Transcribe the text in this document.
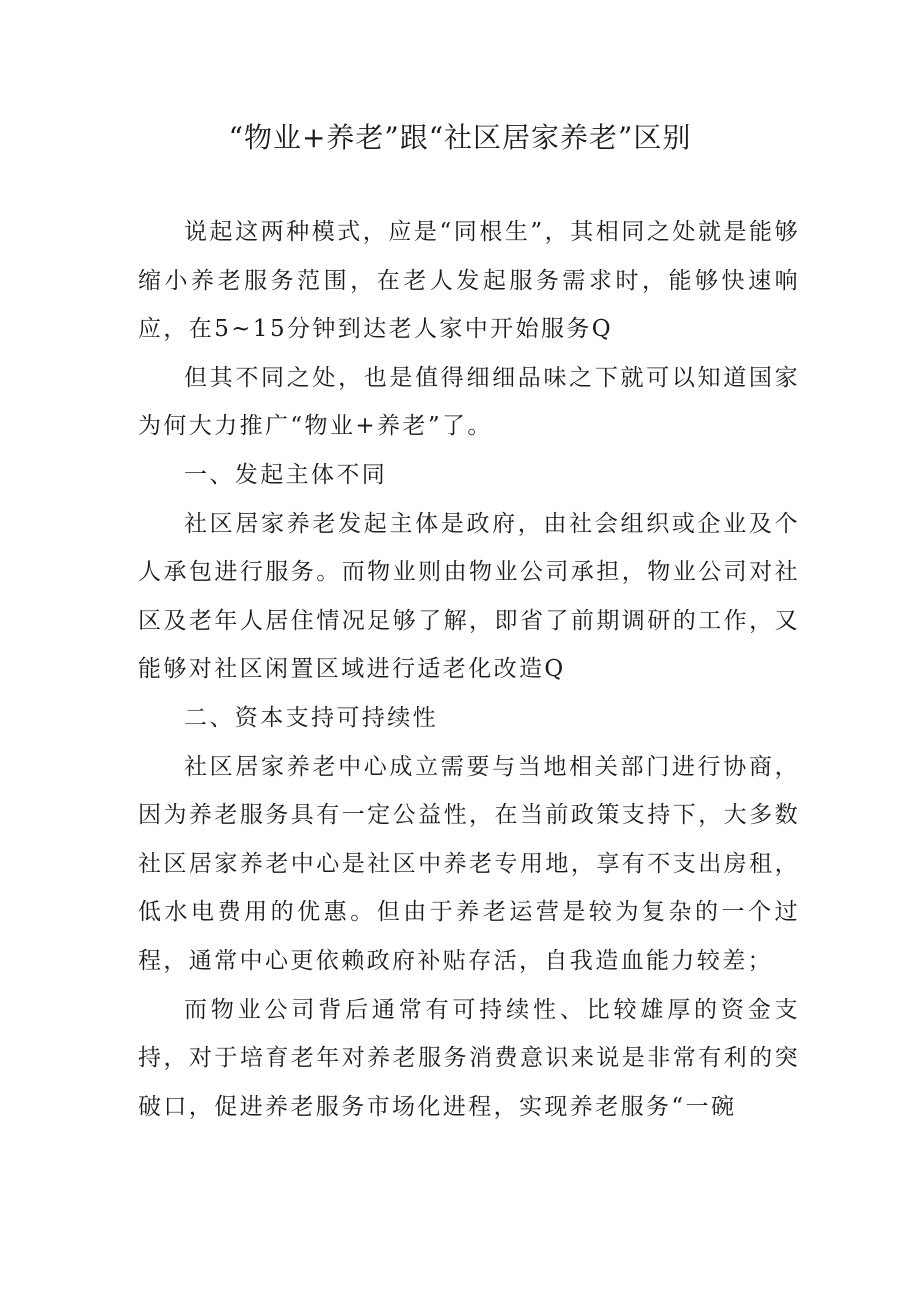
“物业+养老”跟“社区居家养老”区别

说起这两种模式，应是“同根生”，其相同之处就是能够缩小养老服务范围，在老人发起服务需求时，能够快速响应，在5~15分钟到达老人家中开始服务Q

但其不同之处，也是值得细细品味之下就可以知道国家为何大力推广“物业+养老”了。

一、发起主体不同

社区居家养老发起主体是政府，由社会组织或企业及个人承包进行服务。而物业则由物业公司承担，物业公司对社区及老年人居住情况足够了解，即省了前期调研的工作，又能够对社区闲置区域进行适老化改造Q

二、资本支持可持续性

社区居家养老中心成立需要与当地相关部门进行协商，因为养老服务具有一定公益性，在当前政策支持下，大多数社区居家养老中心是社区中养老专用地，享有不支出房租，低水电费用的优惠。但由于养老运营是较为复杂的一个过程，通常中心更依赖政府补贴存活，自我造血能力较差；

而物业公司背后通常有可持续性、比较雄厚的资金支持，对于培育老年对养老服务消费意识来说是非常有利的突破口，促进养老服务市场化进程，实现养老服务“一碗
